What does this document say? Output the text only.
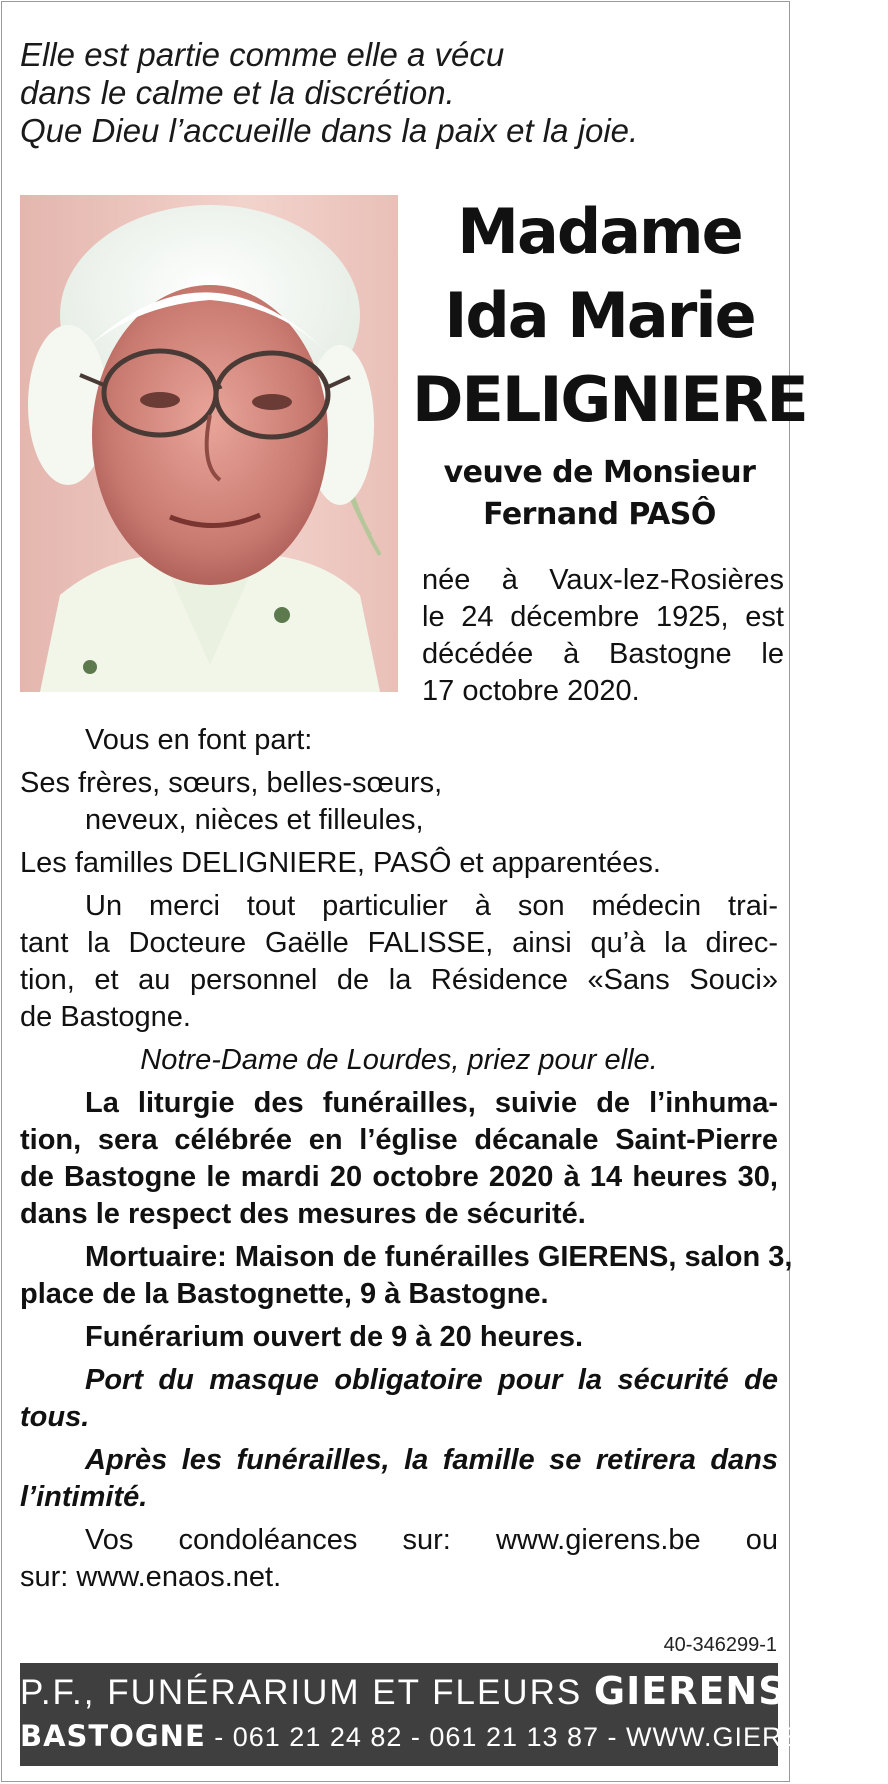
Elle est partie comme elle a vécu
dans le calme et la discrétion.
Que Dieu l’accueille dans la paix et la joie.
Madame
Ida Marie
DELIGNIERE
veuve de Monsieur
Fernand PASÔ
née à Vaux-lez-Rosières
le 24 décembre 1925, est
décédée à Bastogne le
17 octobre 2020.
Vous en font part:
Ses frères, sœurs, belles-sœurs,
neveux, nièces et filleules,
Les familles DELIGNIERE, PASÔ et apparentées.
Un merci tout particulier à son médecin trai-
tant la Docteure Gaëlle FALISSE, ainsi qu’à la direc-
tion, et au personnel de la Résidence «Sans Souci»
de Bastogne.
Notre-Dame de Lourdes, priez pour elle.
La liturgie des funérailles, suivie de l’inhuma-
tion, sera célébrée en l’église décanale Saint-Pierre
de Bastogne le mardi 20 octobre 2020 à 14 heures 30,
dans le respect des mesures de sécurité.
Mortuaire: Maison de funérailles GIERENS, salon 3,
place de la Bastognette, 9 à Bastogne.
Funérarium ouvert de 9 à 20 heures.
Port du masque obligatoire pour la sécurité de
tous.
Après les funérailles, la famille se retirera dans
l’intimité.
Vos condoléances sur: www.gierens.be ou
sur: www.enaos.net.
40-346299-1
P.F., FUNÉRARIUM ET FLEURS GIERENS
BASTOGNE - 061 21 24 82 - 061 21 13 87 - WWW.GIERENS.BE
